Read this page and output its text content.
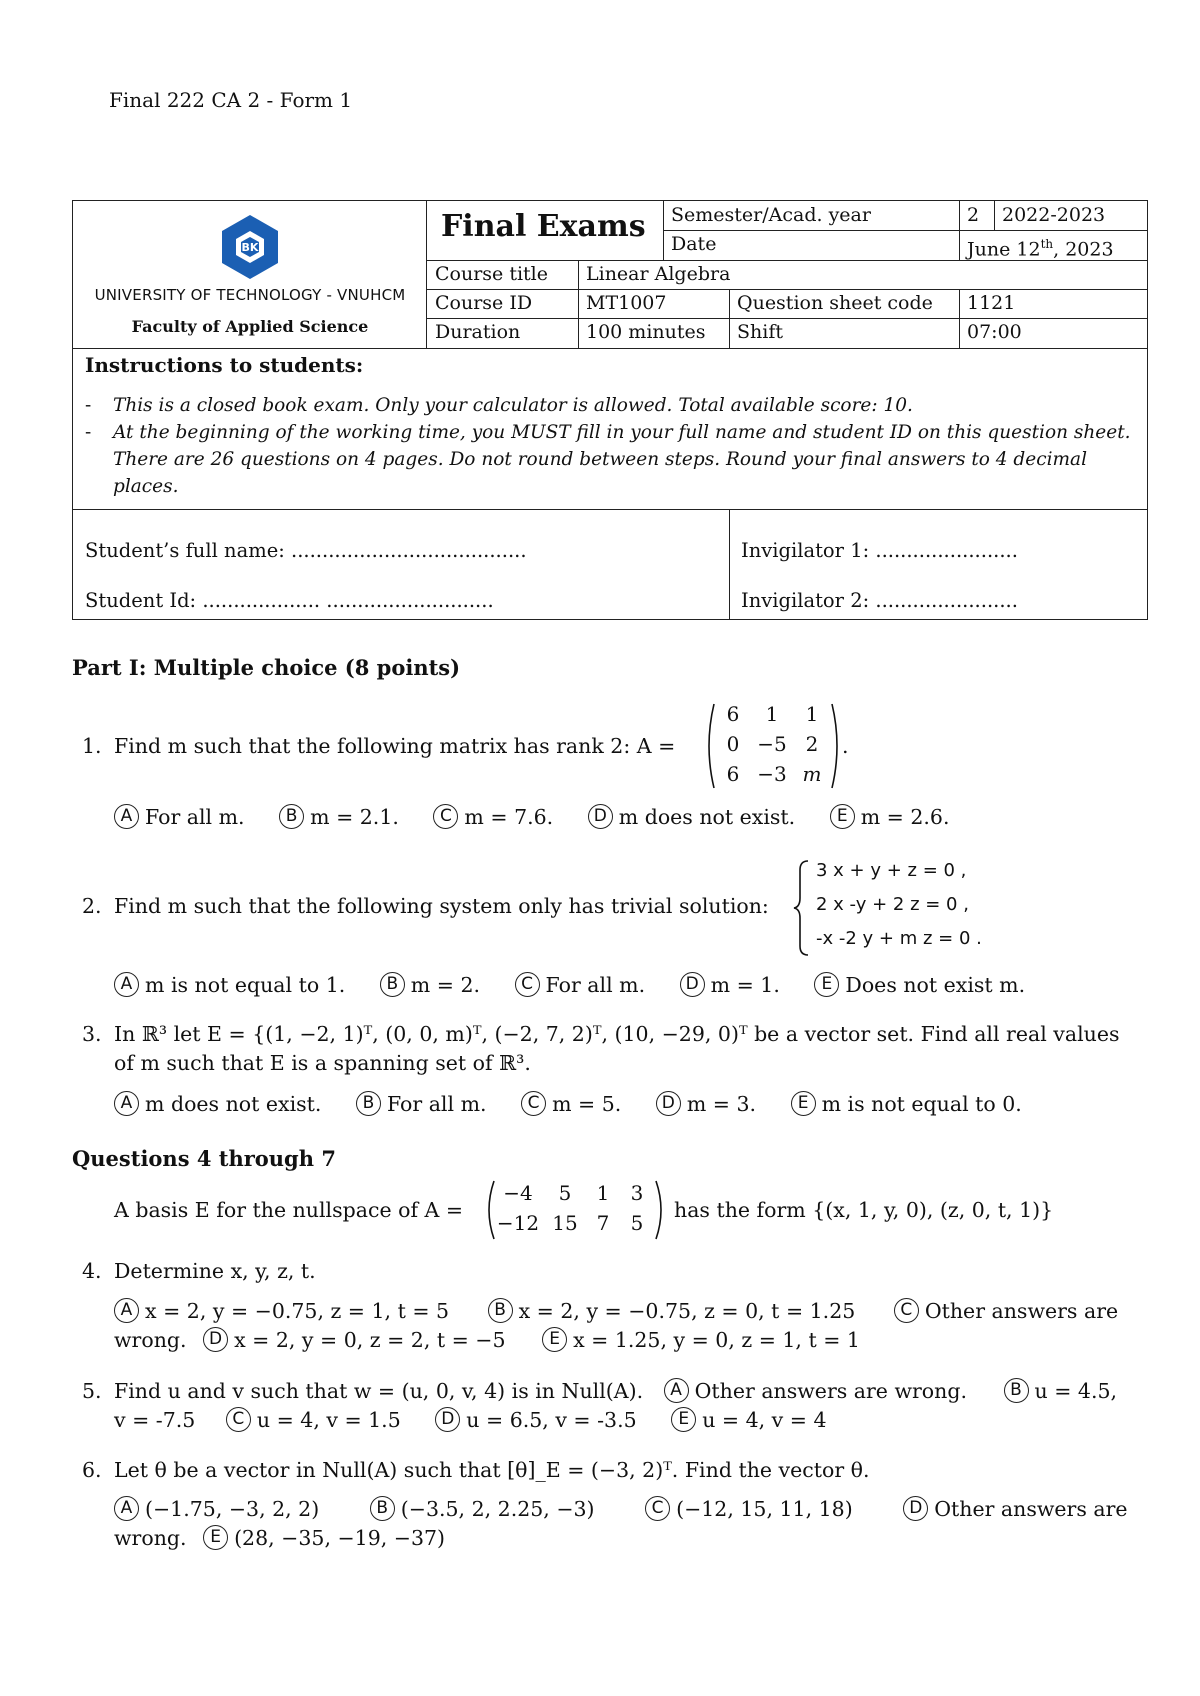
Final 222 CA 2 - Form 1
BK
UNIVERSITY OF TECHNOLOGY - VNUHCM
Faculty of Applied Science
Final Exams	Semester/Acad. year	2	2022-2023
Date	June 12th, 2023
Course title	Linear Algebra
Course ID	MT1007	Question sheet code	1121
Duration	100 minutes	Shift	07:00
Instructions to students:
-	This is a closed book exam. Only your calculator is allowed. Total available score: 10.
-	At the beginning of the working time, you MUST fill in your full name and student ID on this question sheet. There are 26 questions on 4 pages. Do not round between steps. Round your final answers to 4 decimal places.
Student’s full name: ......................................
Student Id: ................... ...........................
Invigilator 1: .......................
Invigilator 2: .......................
Part I: Multiple choice (8 points)
1. Find m such that the following matrix has rank 2: A =
6 1 1
0 −5 2
6 −3 m
.
A For all m. B m = 2.1. C m = 7.6. D m does not exist. E m = 2.6.
2. Find m such that the following system only has trivial solution:
3 x + y + z = 0 ,
2 x -y + 2 z = 0 ,
-x -2 y + m z = 0 .
A m is not equal to 1. B m = 2. C For all m. D m = 1. E Does not exist m.
3. In ℝ³ let E = {(1, −2, 1)ᵀ, (0, 0, m)ᵀ, (−2, 7, 2)ᵀ, (10, −29, 0)ᵀ be a vector set. Find all real values
of m such that E is a spanning set of ℝ³.
A m does not exist. B For all m. C m = 5. D m = 3. E m is not equal to 0.
Questions 4 through 7
A basis E for the nullspace of A =
−4 5 1 3
−12 15 7 5
has the form {(x, 1, y, 0), (z, 0, t, 1)}
4. Determine x, y, z, t.
A x = 2, y = −0.75, z = 1, t = 5	B x = 2, y = −0.75, z = 0, t = 1.25	C Other answers are
wrong. D x = 2, y = 0, z = 2, t = −5	E x = 1.25, y = 0, z = 1, t = 1
5. Find u and v such that w = (u, 0, v, 4) is in Null(A). A Other answers are wrong.	B u = 4.5,
v = -7.5 C u = 4, v = 1.5 D u = 6.5, v = -3.5 E u = 4, v = 4
6. Let θ be a vector in Null(A) such that [θ]_E = (−3, 2)ᵀ. Find the vector θ.
A (−1.75, −3, 2, 2)	B (−3.5, 2, 2.25, −3)	C (−12, 15, 11, 18)	D Other answers are
wrong. E (28, −35, −19, −37)
